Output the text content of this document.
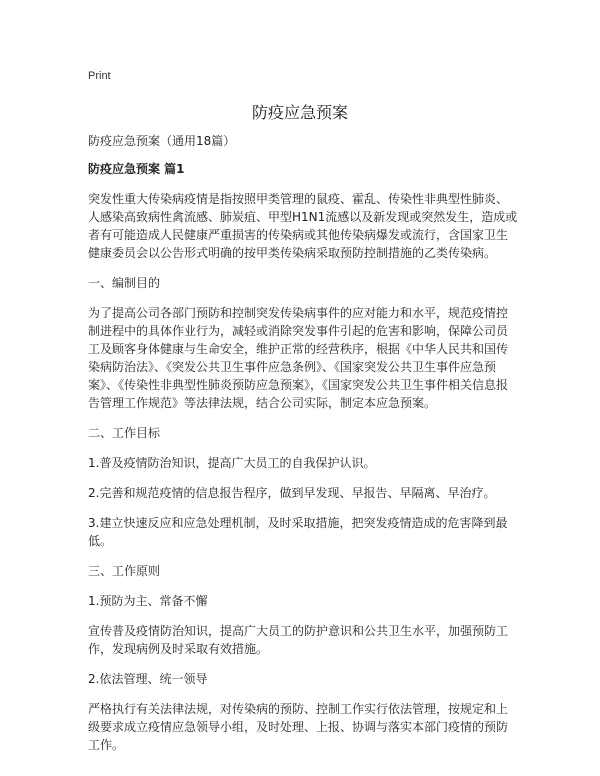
Print
防疫应急预案

防疫应急预案（通用18篇）

防疫应急预案 篇1

突发性重大传染病疫情是指按照甲类管理的鼠疫、霍乱、传染性非典型性肺炎、人感染高致病性禽流感、肺炭疽、甲型H1N1流感以及新发现或突然发生，造成或者有可能造成人民健康严重损害的传染病或其他传染病爆发或流行，含国家卫生健康委员会以公告形式明确的按甲类传染病采取预防控制措施的乙类传染病。

一、编制目的

为了提高公司各部门预防和控制突发传染病事件的应对能力和水平，规范疫情控制进程中的具体作业行为，减轻或消除突发事件引起的危害和影响，保障公司员工及顾客身体健康与生命安全，维护正常的经营秩序，根据《中华人民共和国传染病防治法》、《突发公共卫生事件应急条例》、《国家突发公共卫生事件应急预案》、《传染性非典型性肺炎预防应急预案》，《国家突发公共卫生事件相关信息报告管理工作规范》等法律法规，结合公司实际，制定本应急预案。

二、工作目标

1.普及疫情防治知识，提高广大员工的自我保护认识。

2.完善和规范疫情的信息报告程序，做到早发现、早报告、早隔离、早治疗。

3.建立快速反应和应急处理机制，及时采取措施，把突发疫情造成的危害降到最低。

三、工作原则

1.预防为主、常备不懈

宣传普及疫情防治知识，提高广大员工的防护意识和公共卫生水平，加强预防工作，发现病例及时采取有效措施。

2.依法管理、统一领导

严格执行有关法律法规，对传染病的预防、控制工作实行依法管理，按规定和上级要求成立疫情应急领导小组，及时处理、上报、协调与落实本部门疫情的预防工作。
